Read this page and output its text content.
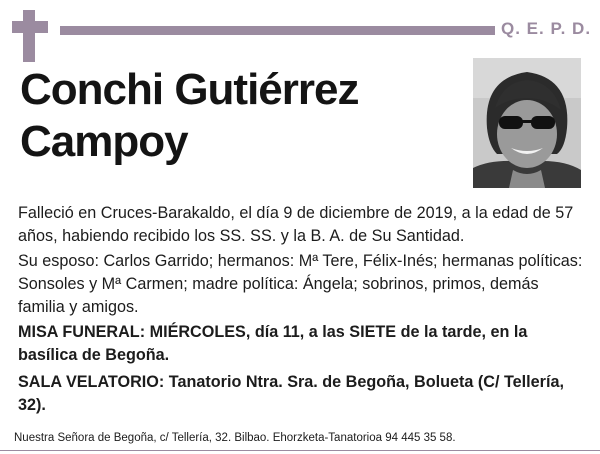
Q. E. P. D.
Conchi Gutiérrez
Campoy
Falleció en Cruces-Barakaldo, el día 9 de diciembre de 2019, a la edad de 57 años, habiendo recibido los SS. SS. y la B. A. de Su Santidad.
Su esposo: Carlos Garrido; hermanos: Mª Tere, Félix-Inés; hermanas políticas: Sonsoles y Mª Carmen; madre política: Ángela; sobrinos, primos, demás familia y amigos.
MISA FUNERAL: MIÉRCOLES, día 11, a las SIETE de la tarde, en la basílica de Begoña.
SALA VELATORIO: Tanatorio Ntra. Sra. de Begoña, Bolueta (C/ Tellería, 32).
Nuestra Señora de Begoña, c/ Tellería, 32. Bilbao. Ehorzketa-Tanatorioa 94 445 35 58.
